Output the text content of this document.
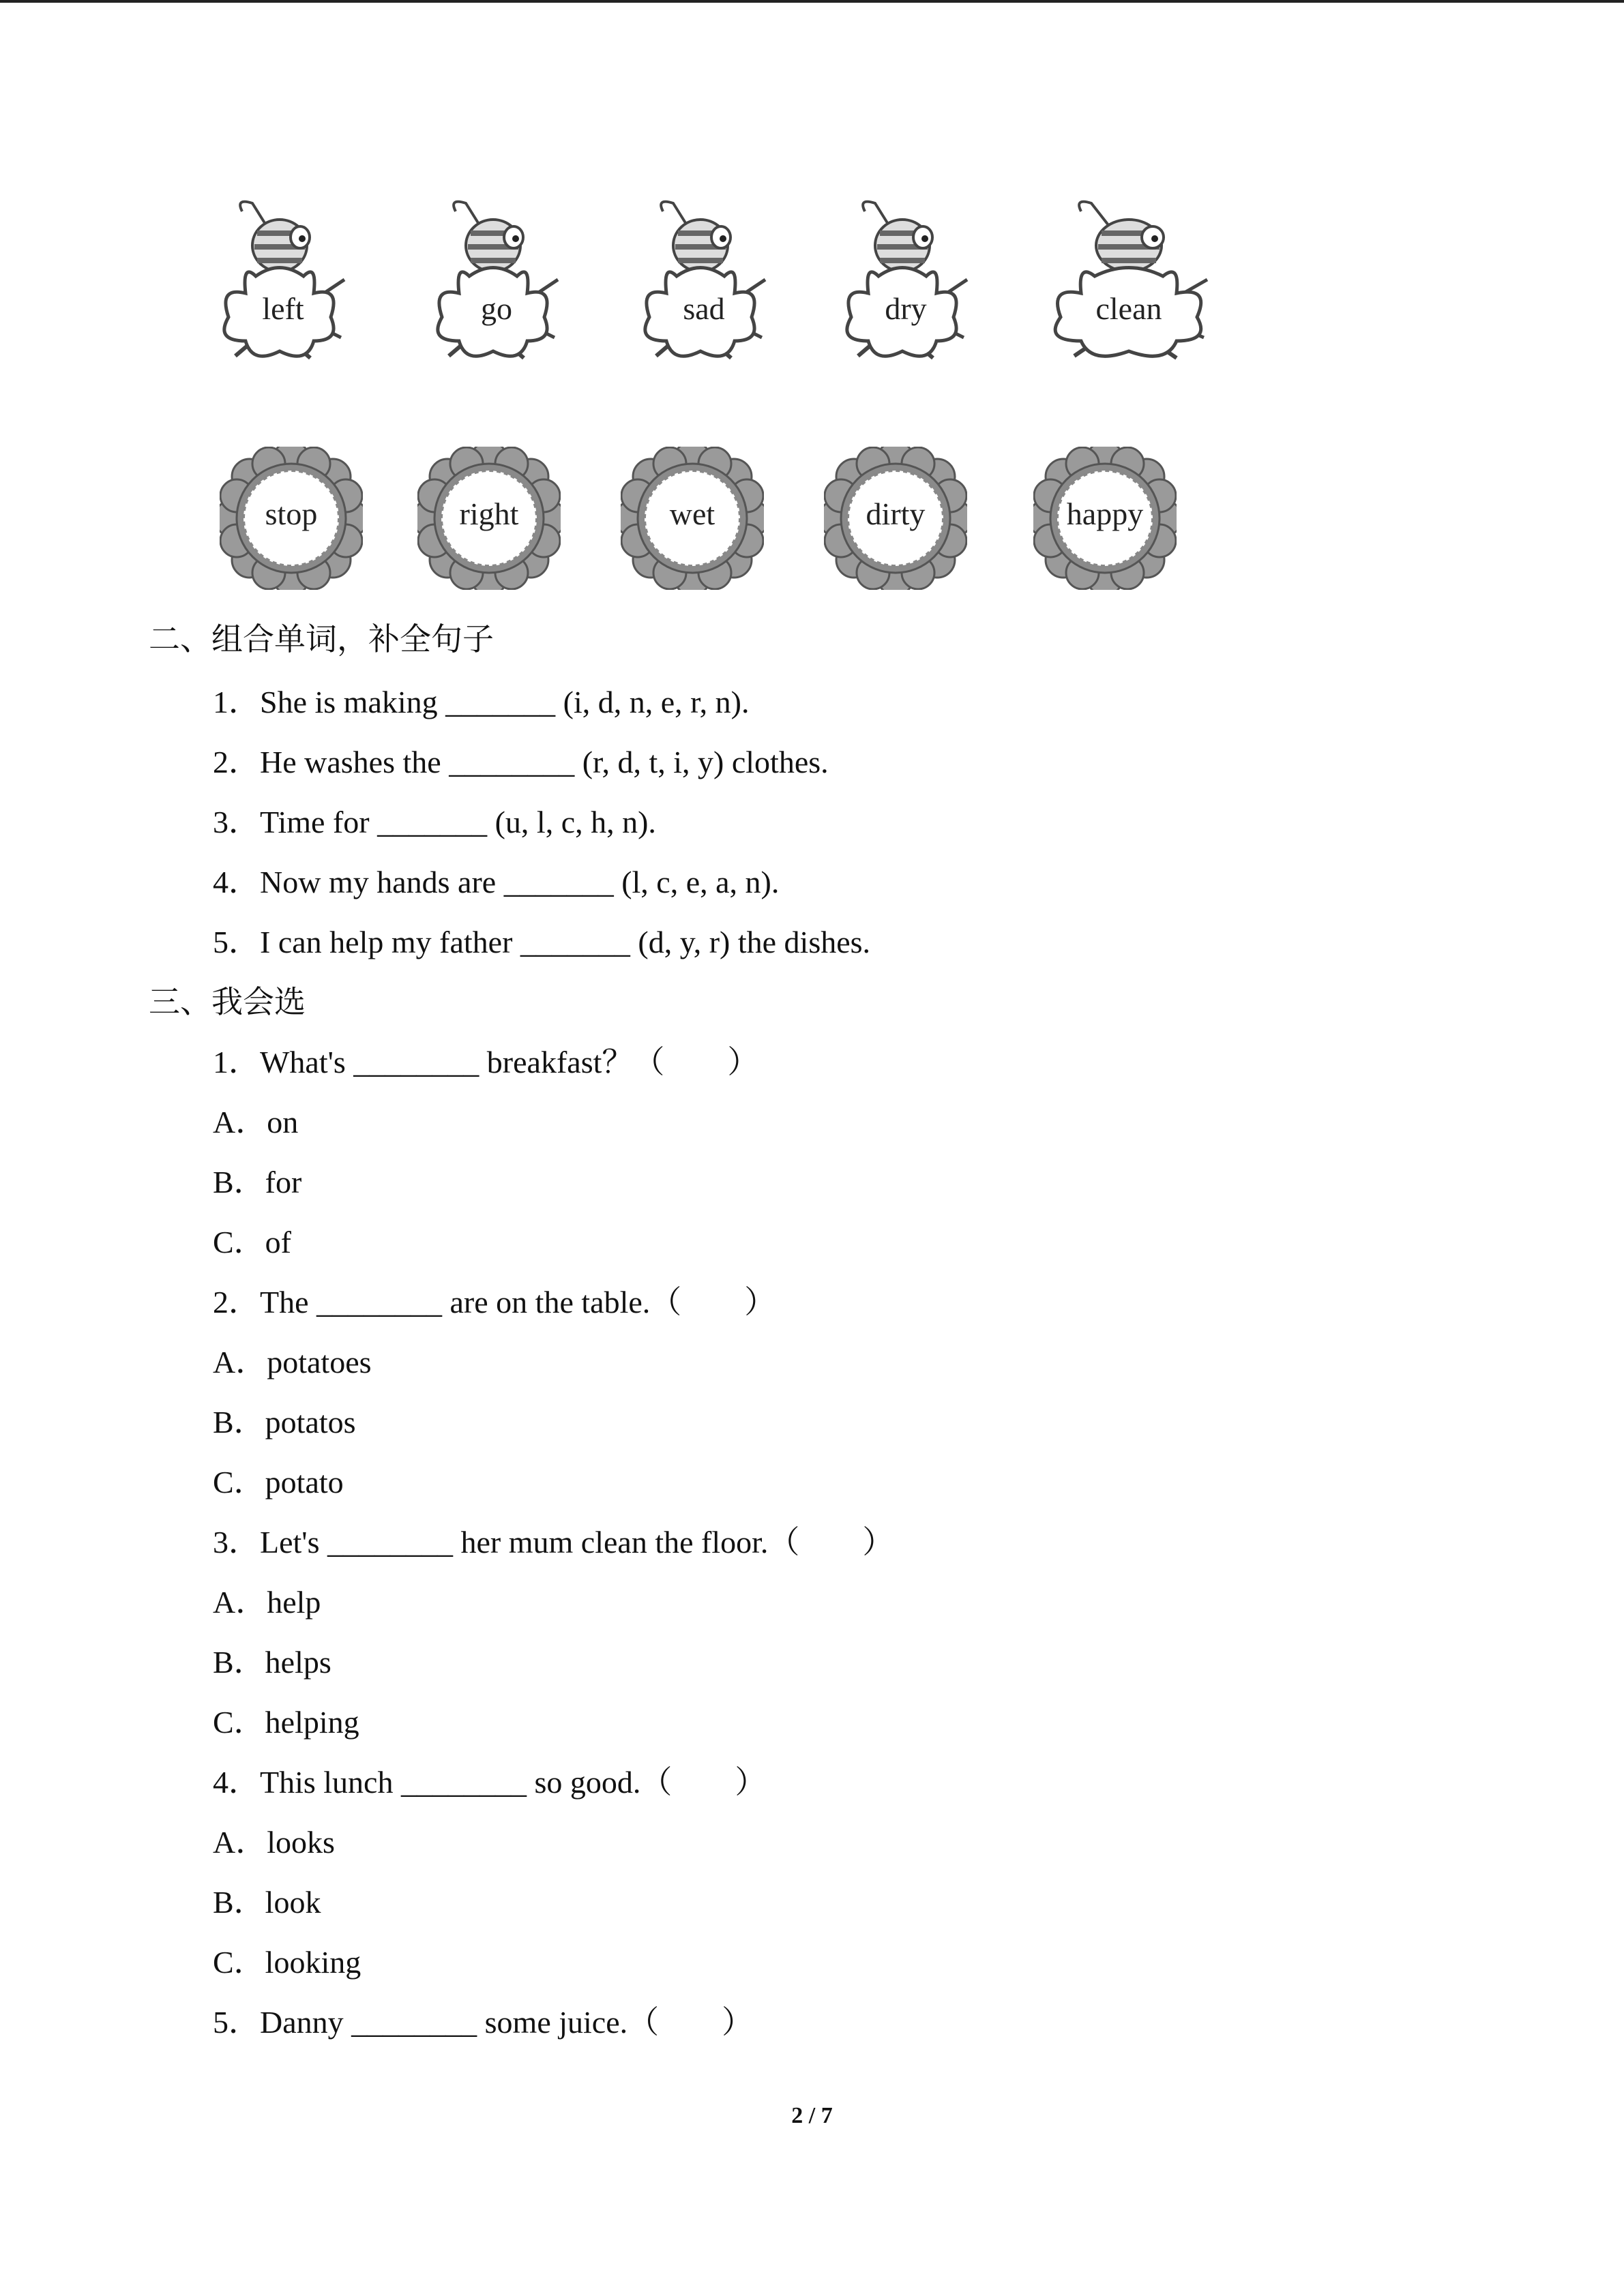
left	go	sad	dry	clean
stop	right	wet	dirty	happy
二、组合单词，补全句子
1．She is making _______ (i, d, n, e, r, n).
2．He washes the ________ (r, d, t, i, y) clothes.
3．Time for _______ (u, l, c, h, n).
4．Now my hands are _______ (l, c, e, a, n).
5．I can help my father _______ (d, y, r) the dishes.
三、我会选
1．What's ________ breakfast？（        ）
A．on
B．for
C．of
2．The ________ are on the table.（        ）
A．potatoes
B．potatos
C．potato
3．Let's ________ her mum clean the floor.（        ）
A．help
B．helps
C．helping
4．This lunch ________ so good.（        ）
A．looks
B．look
C．looking
5．Danny ________ some juice.（        ）
2 / 7
